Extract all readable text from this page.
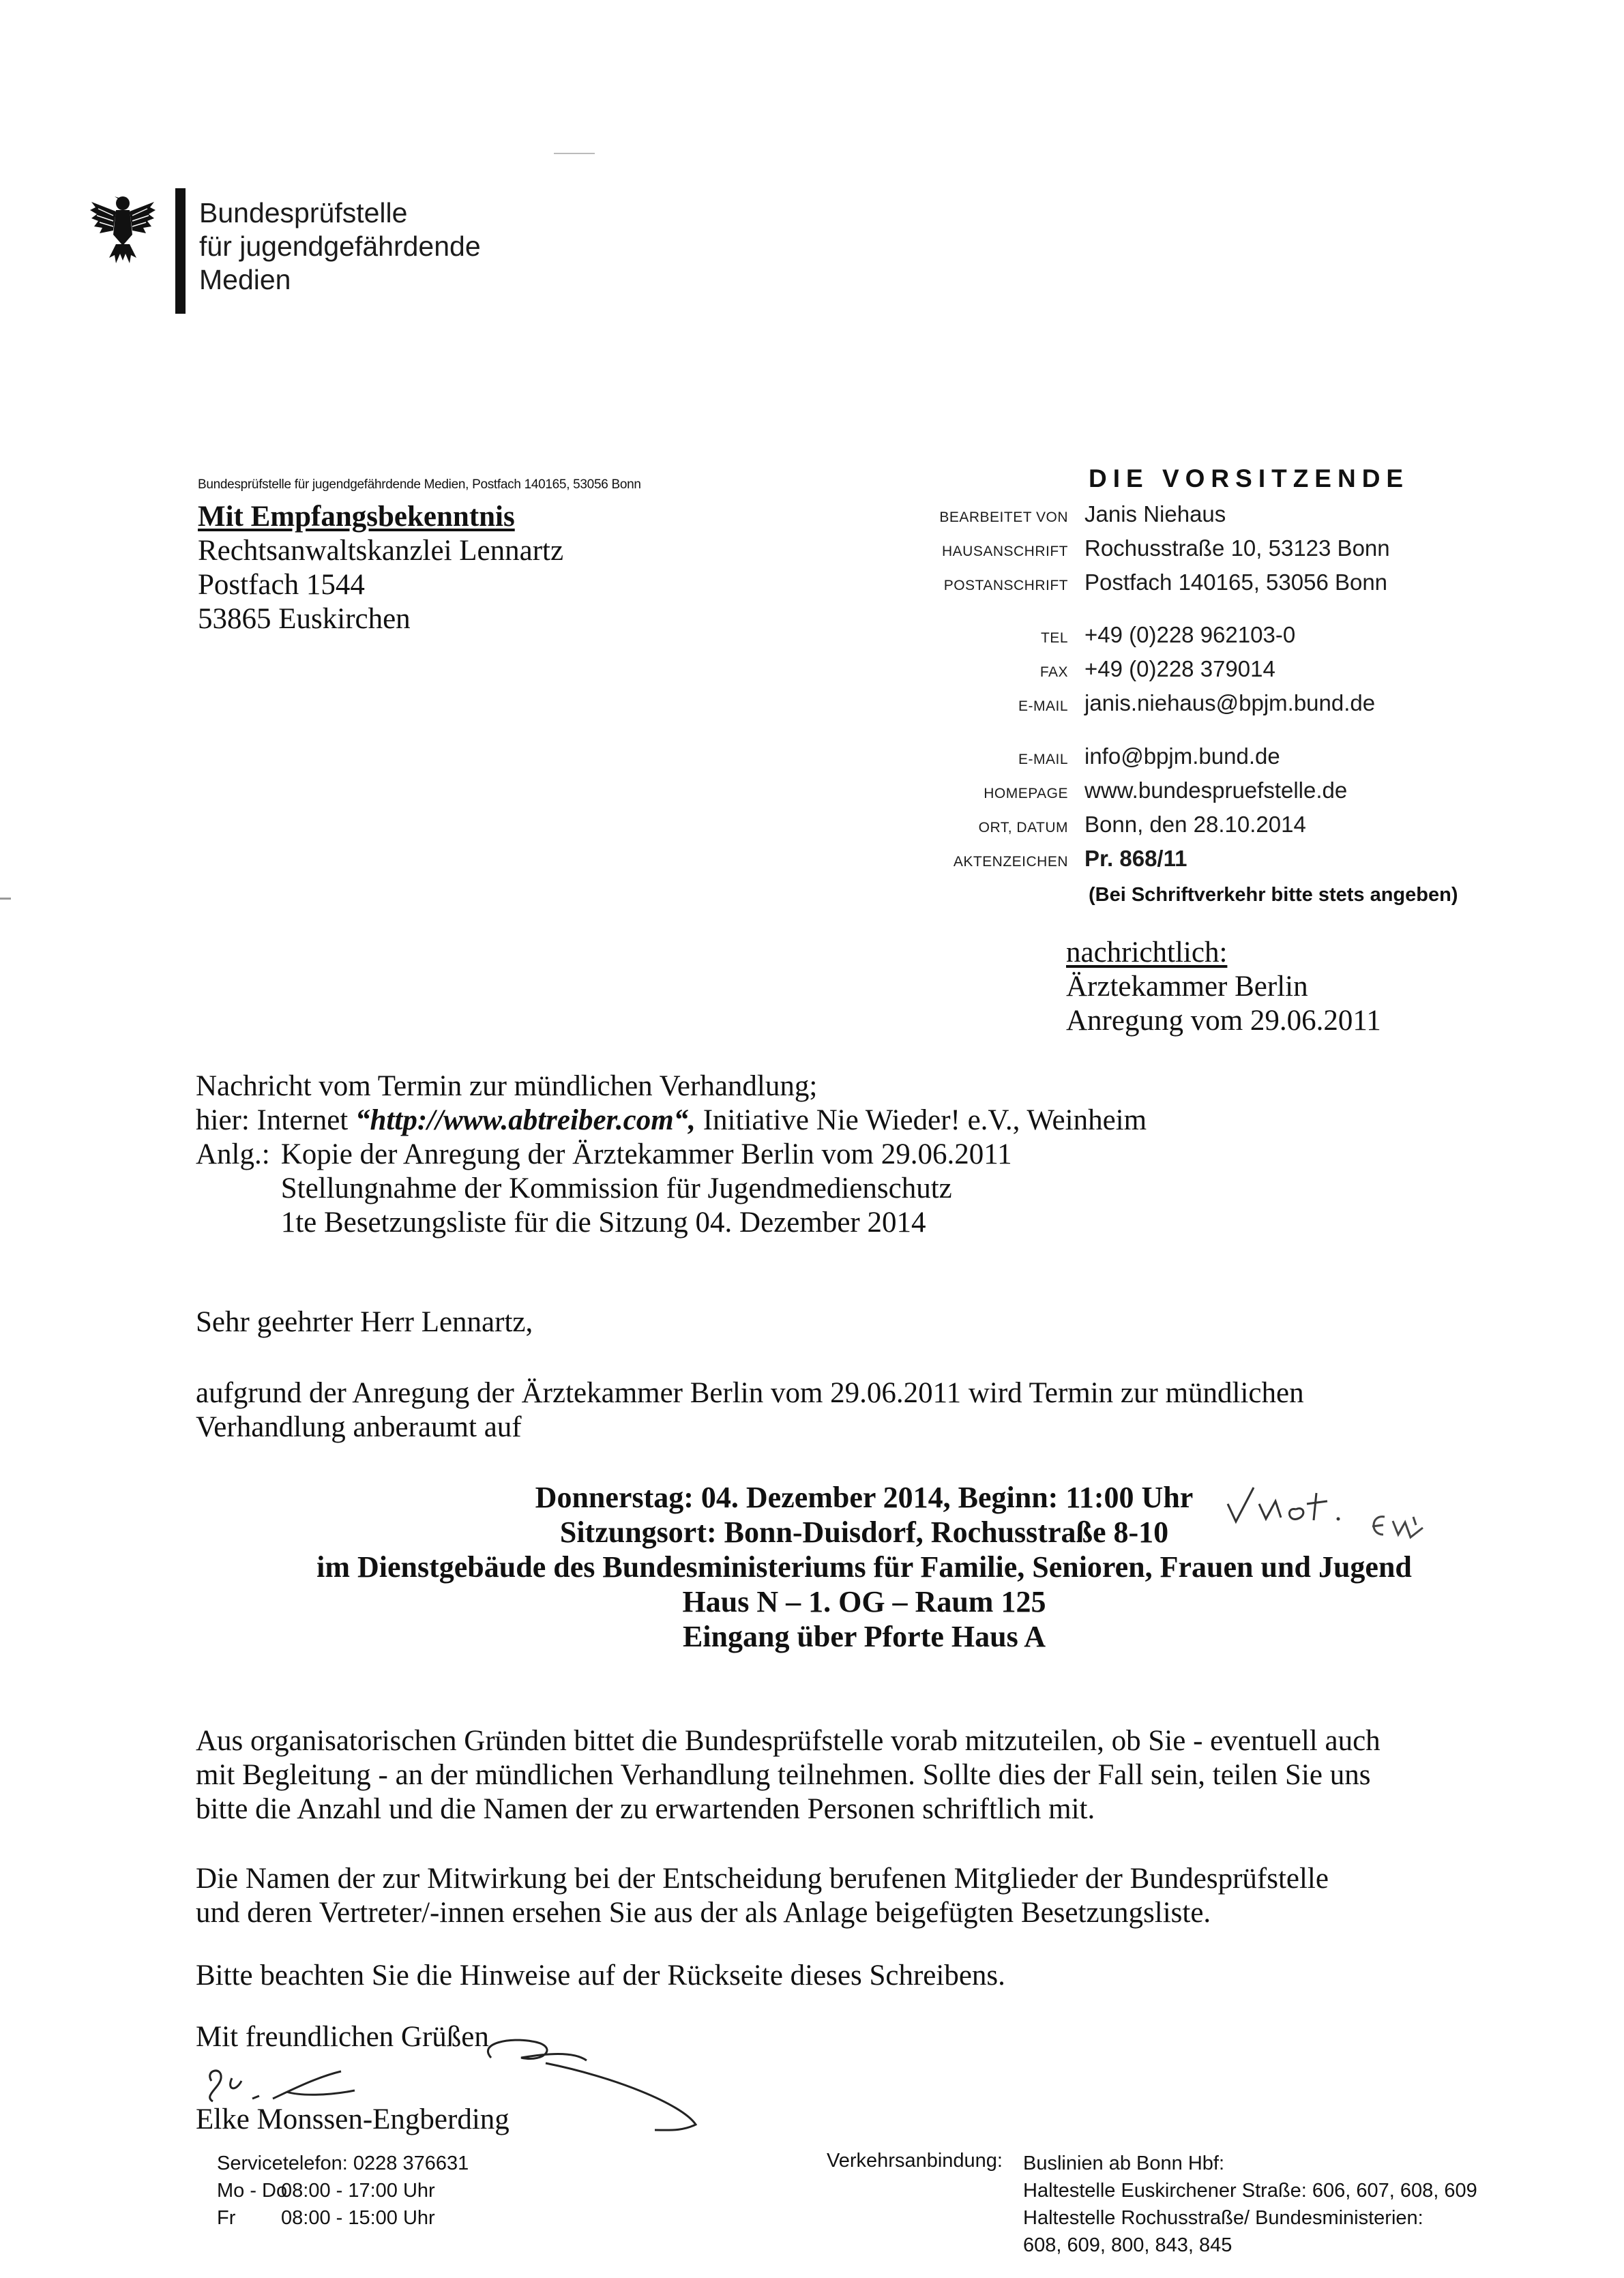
Bundesprüfstelle
für jugendgefährdende
Medien
Bundesprüfstelle für jugendgefährdende Medien, Postfach 140165, 53056 Bonn
Mit Empfangsbekenntnis
Rechtsanwaltskanzlei Lennartz
Postfach 1544
53865 Euskirchen
DIE VORSITZENDE
BEARBEITET VON Janis Niehaus
HAUSANSCHRIFT Rochusstraße 10, 53123 Bonn
POSTANSCHRIFT Postfach 140165, 53056 Bonn
TEL +49 (0)228 962103-0
FAX +49 (0)228 379014
E-MAIL janis.niehaus@bpjm.bund.de
E-MAIL info@bpjm.bund.de
HOMEPAGE www.bundespruefstelle.de
ORT, DATUM Bonn, den 28.10.2014
AKTENZEICHEN Pr. 868/11
(Bei Schriftverkehr bitte stets angeben)
nachrichtlich:
Ärztekammer Berlin
Anregung vom 29.06.2011
Nachricht vom Termin zur mündlichen Verhandlung;
hier: Internet “http://www.abtreiber.com“, Initiative Nie Wieder! e.V., Weinheim
Anlg.: Kopie der Anregung der Ärztekammer Berlin vom 29.06.2011
Stellungnahme der Kommission für Jugendmedienschutz
1te Besetzungsliste für die Sitzung 04. Dezember 2014
Sehr geehrter Herr Lennartz,
aufgrund der Anregung der Ärztekammer Berlin vom 29.06.2011 wird Termin zur mündlichen
Verhandlung anberaumt auf
Donnerstag: 04. Dezember 2014, Beginn: 11:00 Uhr
Sitzungsort: Bonn-Duisdorf, Rochusstraße 8-10
im Dienstgebäude des Bundesministeriums für Familie, Senioren, Frauen und Jugend
Haus N – 1. OG – Raum 125
Eingang über Pforte Haus A
Aus organisatorischen Gründen bittet die Bundesprüfstelle vorab mitzuteilen, ob Sie - eventuell auch
mit Begleitung - an der mündlichen Verhandlung teilnehmen. Sollte dies der Fall sein, teilen Sie uns
bitte die Anzahl und die Namen der zu erwartenden Personen schriftlich mit.
Die Namen der zur Mitwirkung bei der Entscheidung berufenen Mitglieder der Bundesprüfstelle
und deren Vertreter/-innen ersehen Sie aus der als Anlage beigefügten Besetzungsliste.
Bitte beachten Sie die Hinweise auf der Rückseite dieses Schreibens.
Mit freundlichen Grüßen
Elke Monssen-Engberding
Servicetelefon: 0228 376631
Mo - Do
08:00 - 17:00 Uhr
Fr	08:00 - 15:00 Uhr
Verkehrsanbindung: Buslinien ab Bonn Hbf:
Haltestelle Euskirchener Straße: 606, 607, 608, 609
Haltestelle Rochusstraße/ Bundesministerien:
608, 609, 800, 843, 845
